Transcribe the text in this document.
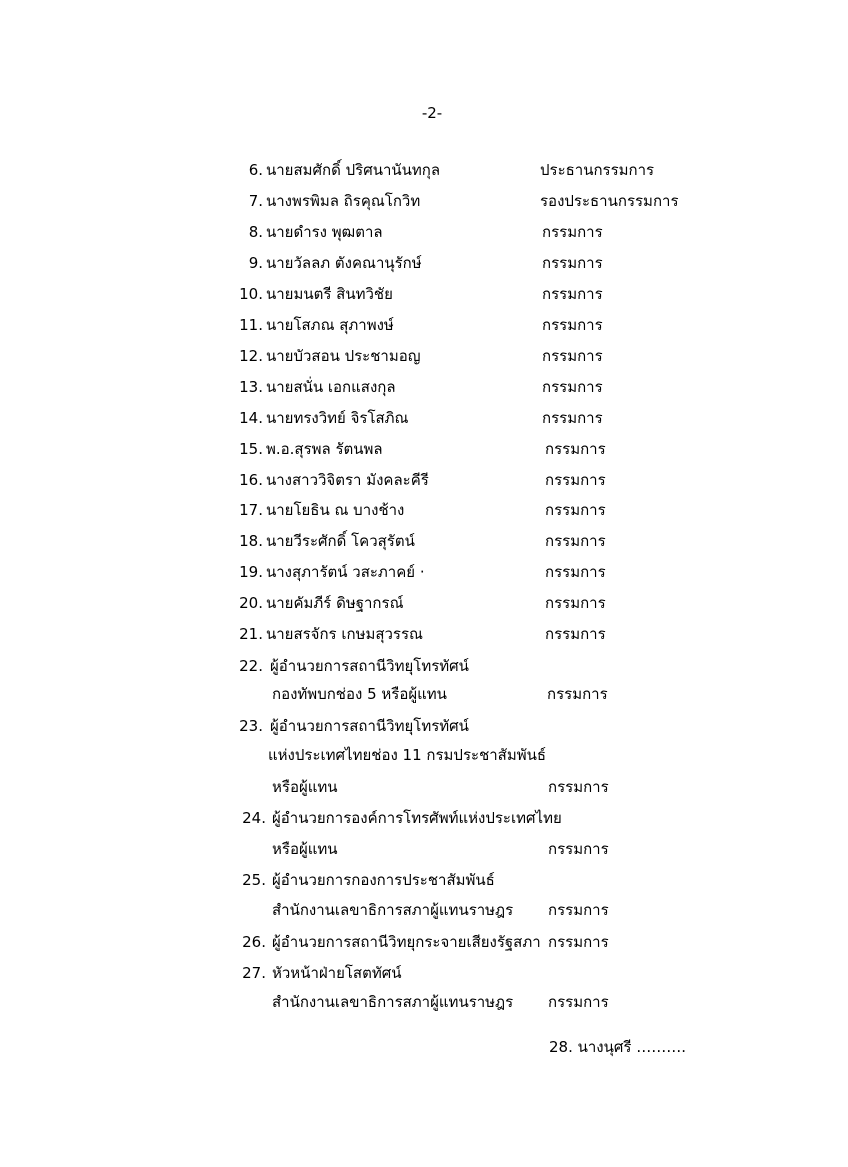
-2-
6. นายสมศักดิ์ ปริศนานันทกุล	ประธานกรรมการ
7. นางพรพิมล ถิรคุณโกวิท	รองประธานกรรมการ
8. นายดำรง พุฒตาล	กรรมการ
9. นายวัลลภ ตังคณานุรักษ์	กรรมการ
10. นายมนตรี สินทวิชัย	กรรมการ
11. นายโสภณ สุภาพงษ์	กรรมการ
12. นายบัวสอน ประชามอญ	กรรมการ
13. นายสนั่น เอกแสงกุล	กรรมการ
14. นายทรงวิทย์ จิรโสภิณ	กรรมการ
15. พ.อ.สุรพล รัตนพล	กรรมการ
16. นางสาววิจิตรา มังคละคีรี	กรรมการ
17. นายโยธิน ณ บางช้าง	กรรมการ
18. นายวีระศักดิ์ โควสุรัตน์	กรรมการ
19. นางสุภารัตน์ วสะภาคย์ ·	กรรมการ
20. นายคัมภีร์ ดิษฐากรณ์	กรรมการ
21. นายสรจักร เกษมสุวรรณ	กรรมการ
22. ผู้อำนวยการสถานีวิทยุโทรทัศน์
กองทัพบกช่อง 5 หรือผู้แทน	กรรมการ
23. ผู้อำนวยการสถานีวิทยุโทรทัศน์
แห่งประเทศไทยช่อง 11 กรมประชาสัมพันธ์
หรือผู้แทน	กรรมการ
24. ผู้อำนวยการองค์การโทรศัพท์แห่งประเทศไทย
หรือผู้แทน	กรรมการ
25. ผู้อำนวยการกองการประชาสัมพันธ์
สำนักงานเลขาธิการสภาผู้แทนราษฎร กรรมการ
26. ผู้อำนวยการสถานีวิทยุกระจายเสียงรัฐสภา กรรมการ
27. หัวหน้าฝ่ายโสตทัศน์
สำนักงานเลขาธิการสภาผู้แทนราษฎร กรรมการ
28. นางนุศรี ……….
